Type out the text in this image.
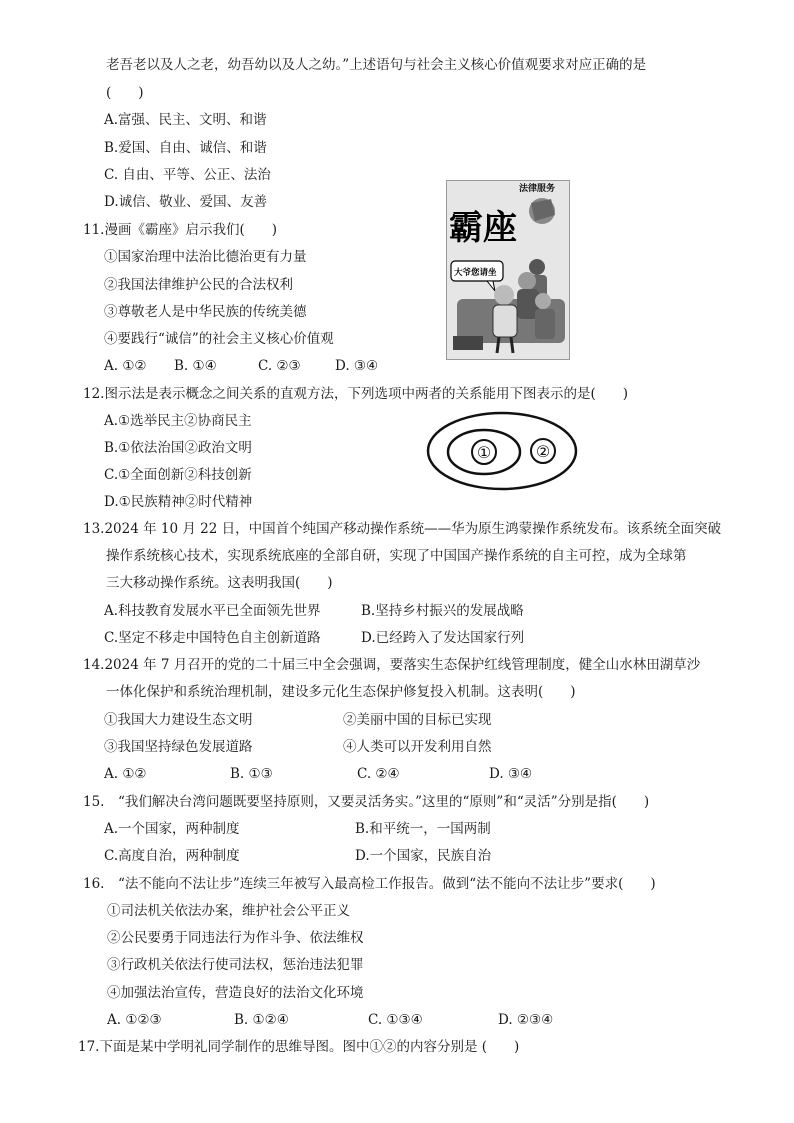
老吾老以及人之老，幼吾幼以及人之幼。”上述语句与社会主义核心价值观要求对应正确的是
(　　)
A.富强、民主、文明、和谐
B.爱国、自由、诚信、和谐
C. 自由、平等、公正、法治
D.诚信、敬业、爱国、友善
11.漫画《霸座》启示我们(　　)
①国家治理中法治比德治更有力量
②我国法律维护公民的合法权利
③尊敬老人是中华民族的传统美德
④要践行“诚信”的社会主义核心价值观
A. ①② B. ①④	C. ②③	D. ③④
法律服务
霸座
大爷您请坐
12.图示法是表示概念之间关系的直观方法，下列选项中两者的关系能用下图表示的是(　　)
A.①选举民主②协商民主
B.①依法治国②政治文明
C.①全面创新②科技创新
D.①民族精神②时代精神
①	②
13.2024 年 10 月 22 日，中国首个纯国产移动操作系统——华为原生鸿蒙操作系统发布。该系统全面突破
操作系统核心技术，实现系统底座的全部自研，实现了中国国产操作系统的自主可控，成为全球第
三大移动操作系统。这表明我国(　　)
A.科技教育发展水平已全面领先世界	B.坚持乡村振兴的发展战略
C.坚定不移走中国特色自主创新道路	D.已经跨入了发达国家行列
14.2024 年 7 月召开的党的二十届三中全会强调，要落实生态保护红线管理制度，健全山水林田湖草沙
一体化保护和系统治理机制，建设多元化生态保护修复投入机制。这表明(　　)
①我国大力建设生态文明	②美丽中国的目标已实现
③我国坚持绿色发展道路	④人类可以开发利用自然
A. ①②	B. ①③	C. ②④	D. ③④
15.　“我们解决台湾问题既要坚持原则，又要灵活务实。”这里的“原则”和“灵活”分别是指(　　)
A.一个国家，两种制度	B.和平统一，一国两制
C.高度自治，两种制度	D.一个国家，民族自治
16.　“法不能向不法让步”连续三年被写入最高检工作报告。做到“法不能向不法让步”要求(　　)
①司法机关依法办案，维护社会公平正义
②公民要勇于同违法行为作斗争、依法维权
③行政机关依法行使司法权，惩治违法犯罪
④加强法治宣传，营造良好的法治文化环境
A. ①②③	B. ①②④	C. ①③④	D. ②③④
17.下面是某中学明礼同学制作的思维导图。图中①②的内容分别是 (　　)
